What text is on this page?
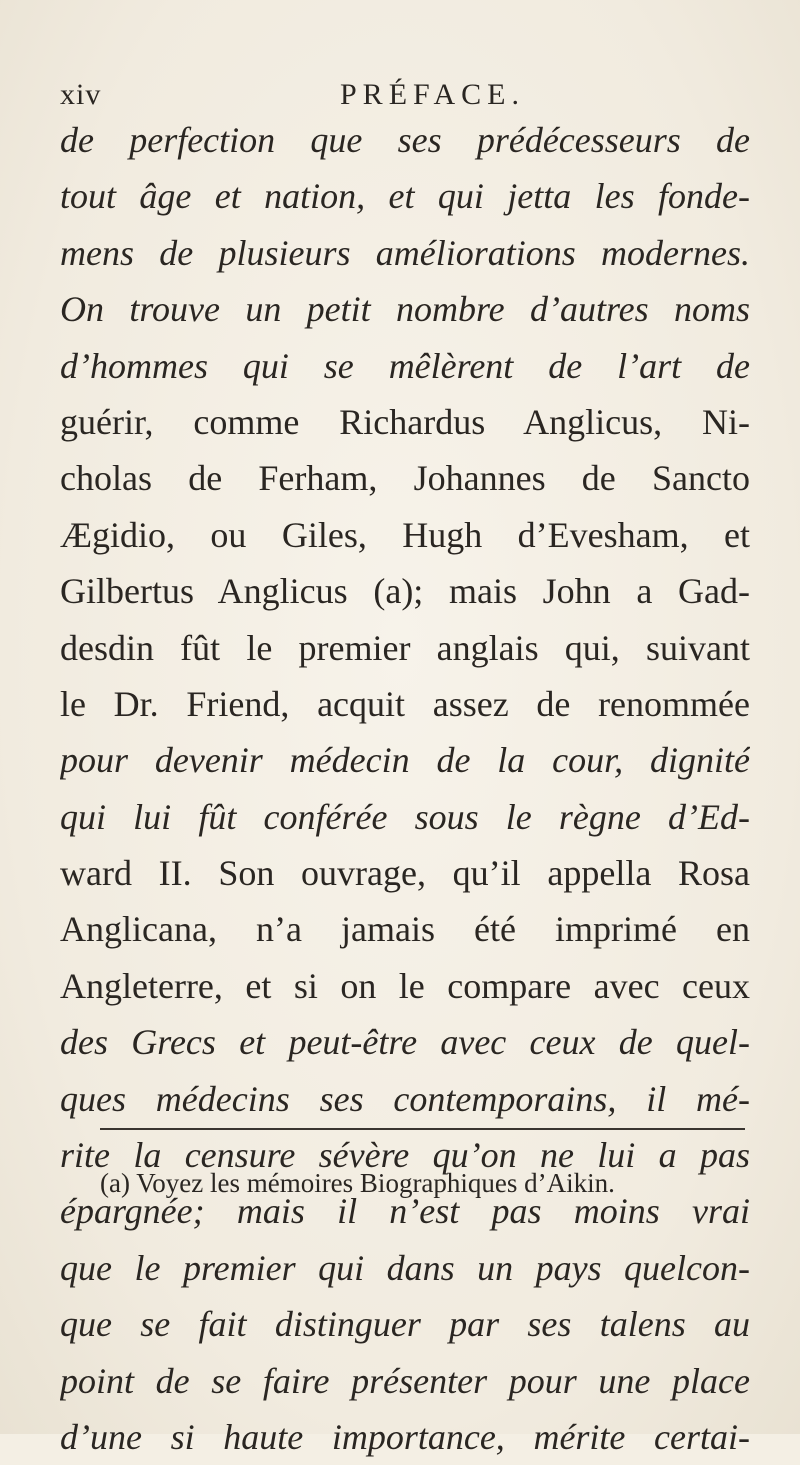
xiv	PRÉFACE.
de perfection que ses prédécesseurs de
tout âge et nation, et qui jetta les fonde-
mens de plusieurs améliorations modernes.
On trouve un petit nombre d’autres noms
d’hommes qui se mêlèrent de l’art de
guérir, comme Richardus Anglicus, Ni-
cholas de Ferham, Johannes de Sancto
Ægidio, ou Giles, Hugh d’Evesham, et
Gilbertus Anglicus (a); mais John a Gad-
desdin fût le premier anglais qui, suivant
le Dr. Friend, acquit assez de renommée
pour devenir médecin de la cour, dignité
qui lui fût conférée sous le règne d’Ed-
ward II. Son ouvrage, qu’il appella Rosa
Anglicana, n’a jamais été imprimé en
Angleterre, et si on le compare avec ceux
des Grecs et peut-être avec ceux de quel-
ques médecins ses contemporains, il mé-
rite la censure sévère qu’on ne lui a pas
épargnée; mais il n’est pas moins vrai
que le premier qui dans un pays quelcon-
que se fait distinguer par ses talens au
point de se faire présenter pour une place
d’une si haute importance, mérite certai-
(a) Voyez les mémoires Biographiques d’Aikin.
